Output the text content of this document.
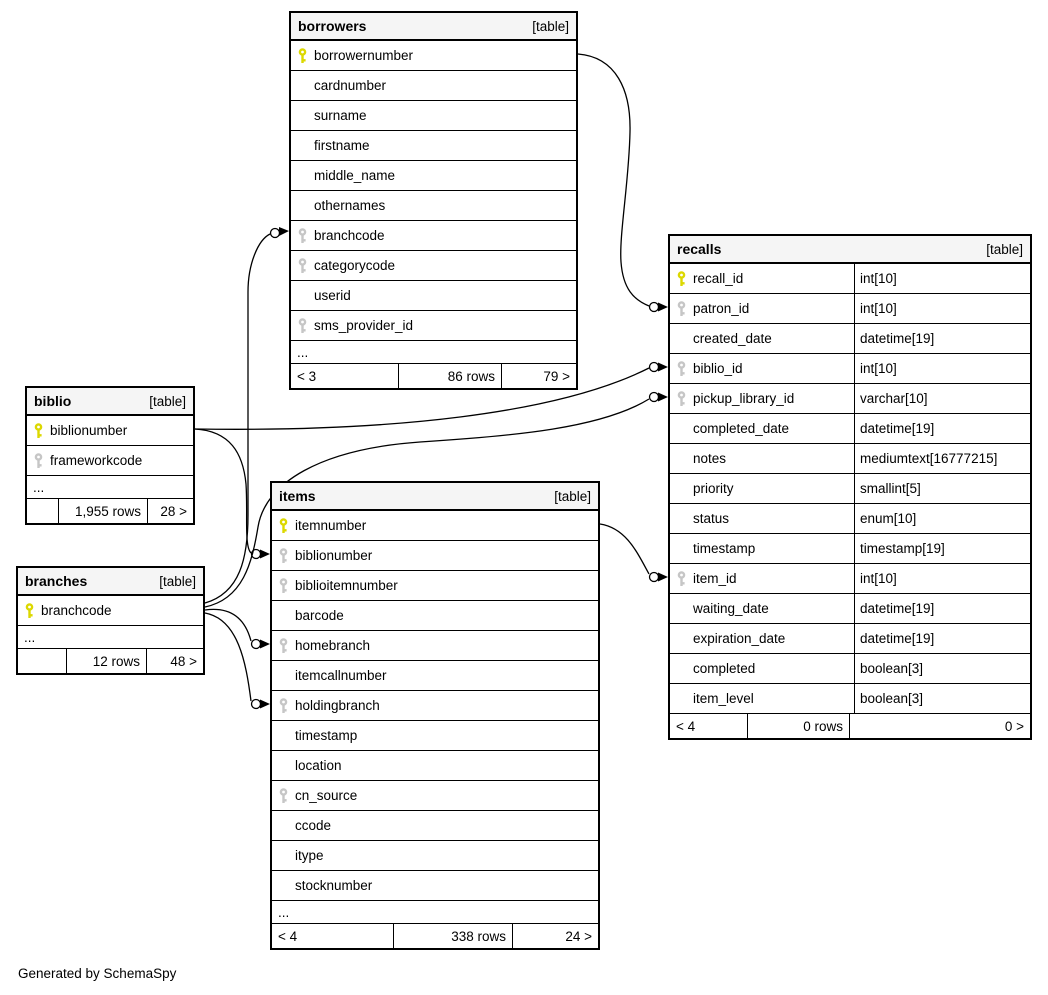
borrowers	[table]
borrowernumber
cardnumber
surname
firstname
middle_name
othernames
branchcode
categorycode
userid
sms_provider_id
...
< 3	86 rows	79 >
biblio	[table]
biblionumber
frameworkcode
...
1,955 rows	28 >
branches	[table]
branchcode
...
12 rows	48 >
items	[table]
itemnumber
biblionumber
biblioitemnumber
barcode
homebranch
itemcallnumber
holdingbranch
timestamp
location
cn_source
ccode
itype
stocknumber
...
< 4	338 rows	24 >
recalls	[table]
recall_id	int[10]
patron_id	int[10]
created_date	datetime[19]
biblio_id	int[10]
pickup_library_id	varchar[10]
completed_date	datetime[19]
notes	mediumtext[16777215]
priority	smallint[5]
status	enum[10]
timestamp	timestamp[19]
item_id	int[10]
waiting_date	datetime[19]
expiration_date	datetime[19]
completed	boolean[3]
item_level	boolean[3]
< 4	0 rows	0 >
Generated by SchemaSpy
